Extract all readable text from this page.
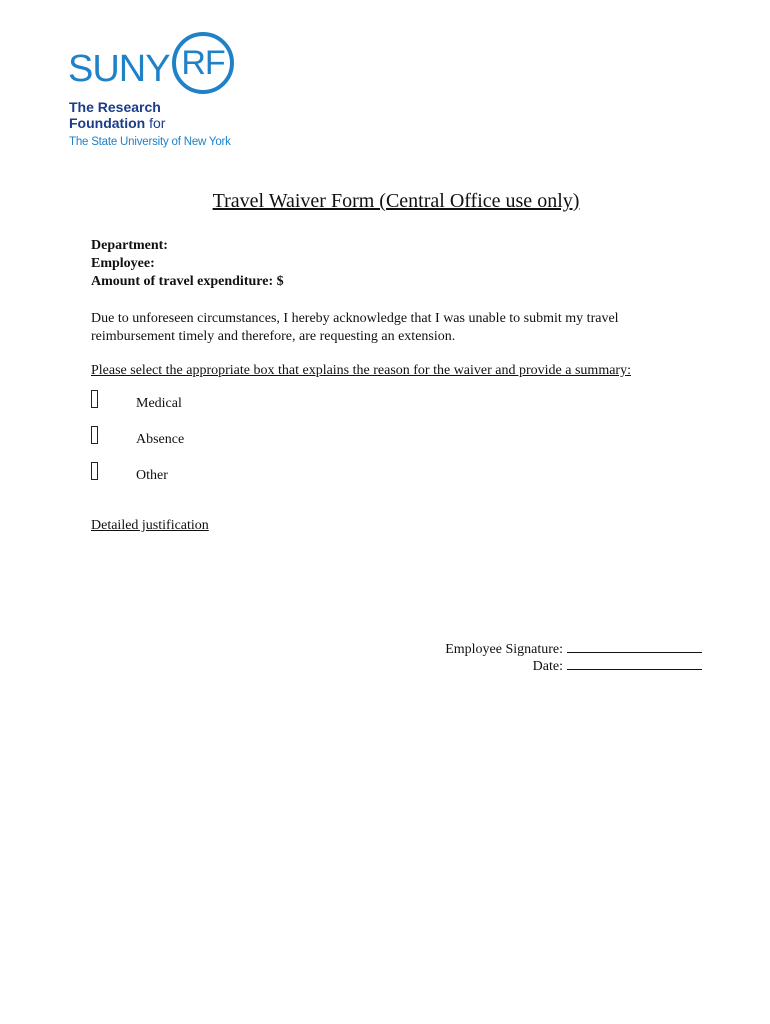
SUNY RF
The Research
Foundation for
The State University of New York
Travel Waiver Form (Central Office use only)
Department:
Employee:
Amount of travel expenditure: $
Due to unforeseen circumstances, I hereby acknowledge that I was unable to submit my travel reimbursement timely and therefore, are requesting an extension.
Please select the appropriate box that explains the reason for the waiver and provide a summary:
Medical
Absence
Other
Detailed justification
Employee Signature:
Date:
